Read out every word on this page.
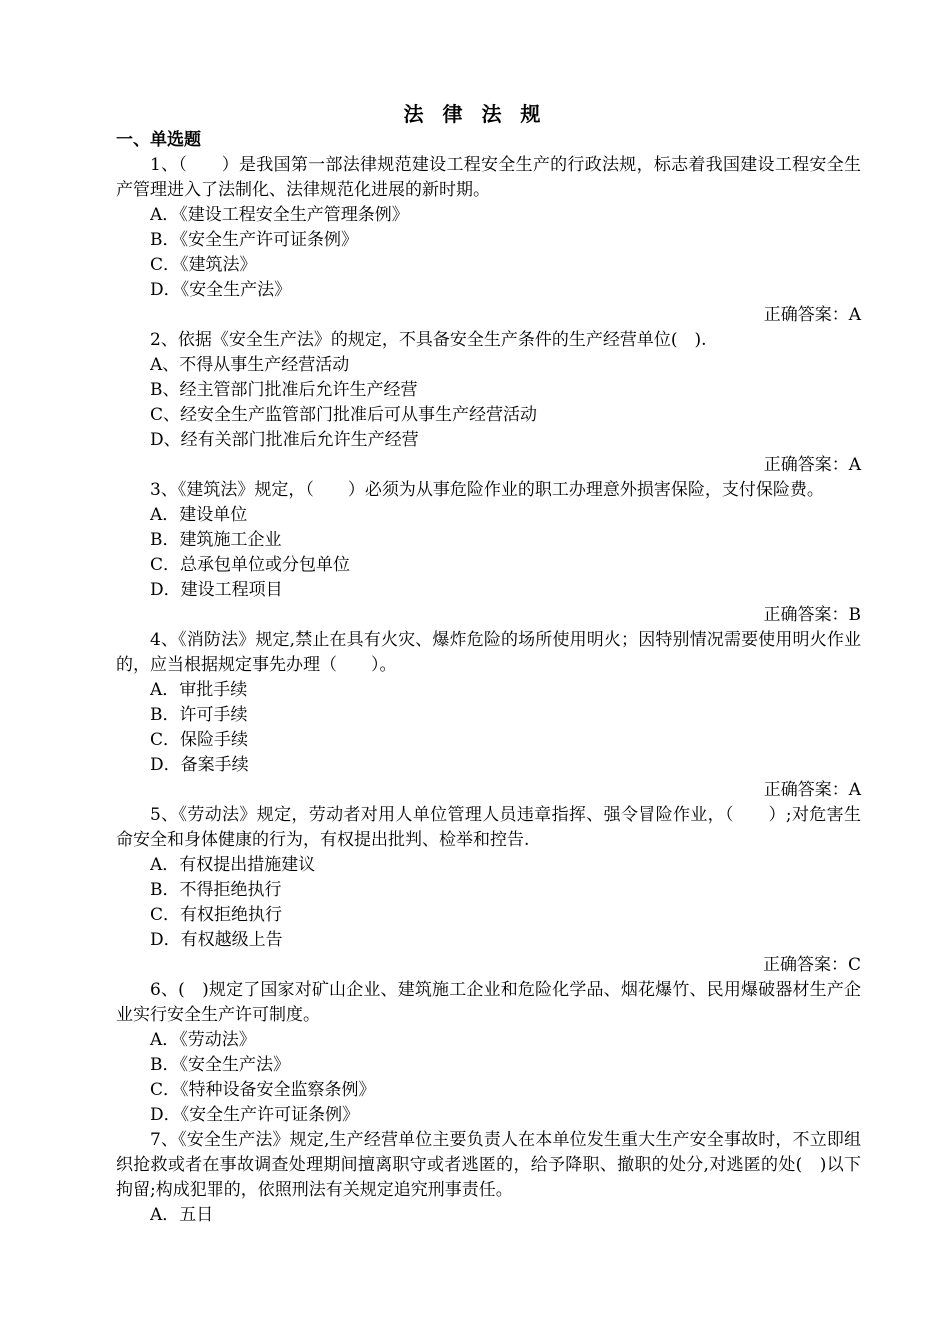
法 律 法 规
一、单选题

1、（　　）是我国第一部法律规范建设工程安全生产的行政法规，标志着我国建设工程安全生产管理进入了法制化、法律规范化进展的新时期。

A．《建设工程安全生产管理条例》

B．《安全生产许可证条例》

C．《建筑法》

D．《安全生产法》

正确答案：A

2、依据《安全生产法》的规定，不具备安全生产条件的生产经营单位(　).

A、不得从事生产经营活动

B、经主管部门批准后允许生产经营

C、经安全生产监管部门批准后可从事生产经营活动

D、经有关部门批准后允许生产经营

正确答案：A

3、《建筑法》规定，（　　）必须为从事危险作业的职工办理意外损害保险，支付保险费。

A．建设单位

B．建筑施工企业

C．总承包单位或分包单位

D．建设工程项目

正确答案：B

4、《消防法》规定,禁止在具有火灾、爆炸危险的场所使用明火；因特别情况需要使用明火作业的，应当根据规定事先办理（　　）。

A．审批手续

B．许可手续

C．保险手续

D．备案手续

正确答案：A

5、《劳动法》规定，劳动者对用人单位管理人员违章指挥、强令冒险作业，（　　）;对危害生命安全和身体健康的行为，有权提出批判、检举和控告.

A．有权提出措施建议

B．不得拒绝执行

C．有权拒绝执行

D．有权越级上告

正确答案：C

6、(　)规定了国家对矿山企业、建筑施工企业和危险化学品、烟花爆竹、民用爆破器材生产企业实行安全生产许可制度。

A．《劳动法》

B．《安全生产法》

C．《特种设备安全监察条例》

D．《安全生产许可证条例》

7、《安全生产法》规定,生产经营单位主要负责人在本单位发生重大生产安全事故时，不立即组织抢救或者在事故调查处理期间擅离职守或者逃匿的，给予降职、撤职的处分,对逃匿的处(　)以下拘留;构成犯罪的，依照刑法有关规定追究刑事责任。

A．五日
